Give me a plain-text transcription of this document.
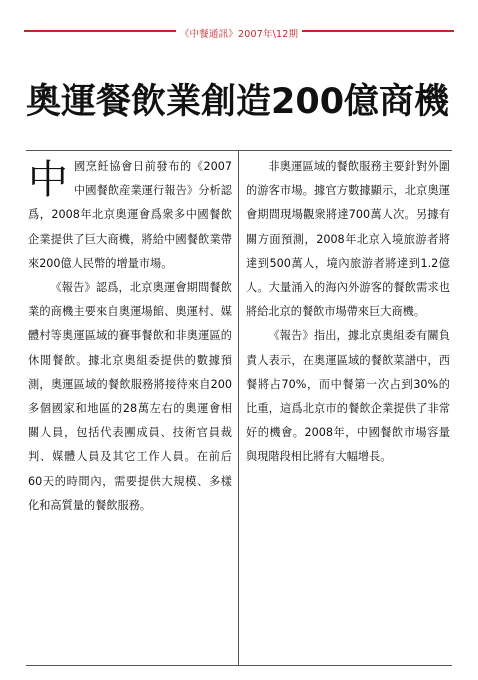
《中餐通訊》2007年\12期
奧運餐飲業創造200億商機

中國烹飪協會日前發布的《2007中國餐飲産業運行報告》分析認爲，2008年北京奧運會爲衆多中國餐飲企業提供了巨大商機，將給中國餐飲業帶來200億人民幣的增量市場。

《報告》認爲，北京奧運會期間餐飲業的商機主要來自奧運場館、奧運村、媒體村等奧運區域的賽事餐飲和非奧運區的休閒餐飲。據北京奧組委提供的數據預測，奧運區域的餐飲服務將接待來自200多個國家和地區的28萬左右的奧運會相關人員，包括代表團成員、技術官員裁判、媒體人員及其它工作人員。在前后60天的時間內，需要提供大規模、多樣化和高質量的餐飲服務。

非奧運區域的餐飲服務主要針對外圍的游客市場。據官方數據顯示，北京奧運會期間現場觀衆將達700萬人次。另據有關方面預測，2008年北京入境旅游者將達到500萬人，境內旅游者將達到1.2億人。大量涌入的海內外游客的餐飲需求也將給北京的餐飲市場帶來巨大商機。

《報告》指出，據北京奧組委有關負責人表示，在奧運區域的餐飲菜譜中，西餐將占70%，而中餐第一次占到30%的比重，這爲北京市的餐飲企業提供了非常好的機會。2008年，中國餐飲市場容量與現階段相比將有大幅增長。
